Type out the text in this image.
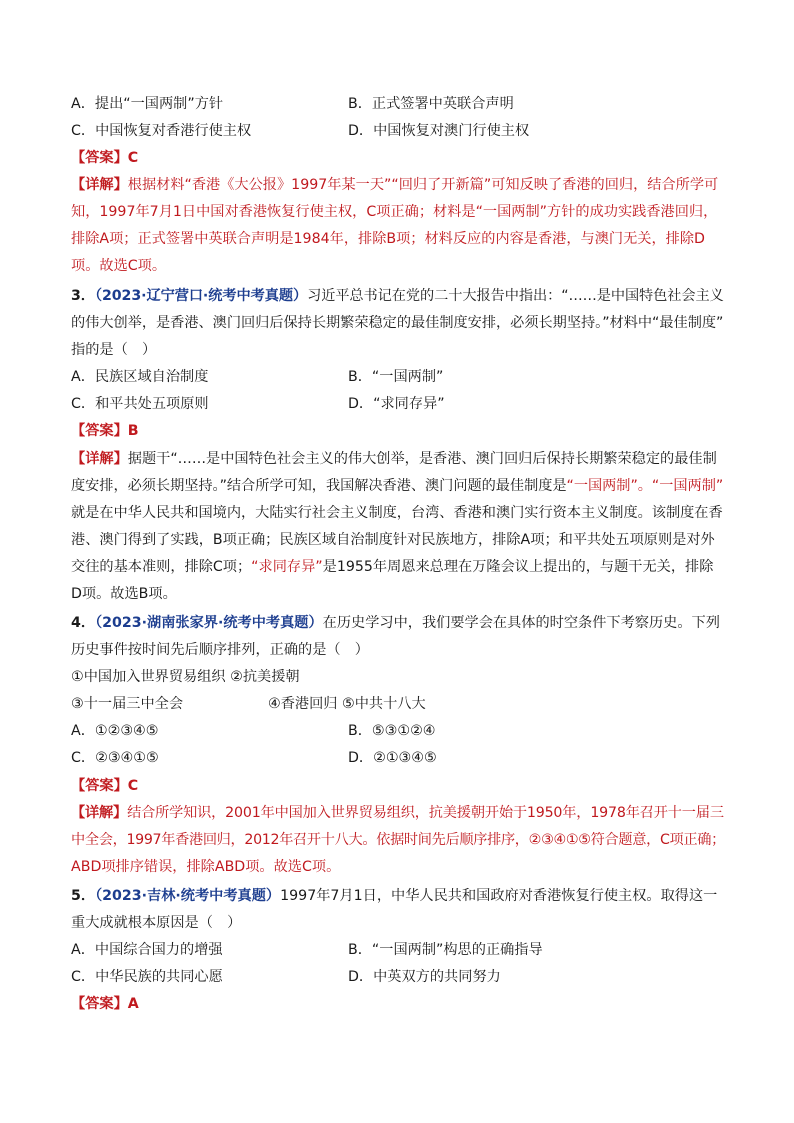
A．提出“一国两制”方针	B．正式签署中英联合声明
C．中国恢复对香港行使主权	D．中国恢复对澳门行使主权
【答案】C
【详解】根据材料“香港《大公报》1997年某一天”“回归了开新篇”可知反映了香港的回归，结合所学可
知，1997年7月1日中国对香港恢复行使主权，C项正确；材料是“一国两制”方针的成功实践香港回归，
排除A项；正式签署中英联合声明是1984年，排除B项；材料反应的内容是香港，与澳门无关，排除D
项。故选C项。
3．（2023·辽宁营口·统考中考真题）习近平总书记在党的二十大报告中指出：“……是中国特色社会主义
的伟大创举，是香港、澳门回归后保持长期繁荣稳定的最佳制度安排，必须长期坚持。”材料中“最佳制度”
指的是（　）
A．民族区域自治制度	B．“一国两制”
C．和平共处五项原则	D．“求同存异”
【答案】B
【详解】据题干“……是中国特色社会主义的伟大创举，是香港、澳门回归后保持长期繁荣稳定的最佳制
度安排，必须长期坚持。”结合所学可知，我国解决香港、澳门问题的最佳制度是“一国两制”。“一国两制”
就是在中华人民共和国境内，大陆实行社会主义制度，台湾、香港和澳门实行资本主义制度。该制度在香
港、澳门得到了实践，B项正确；民族区域自治制度针对民族地方，排除A项；和平共处五项原则是对外
交往的基本准则，排除C项；“求同存异”是1955年周恩来总理在万隆会议上提出的，与题干无关，排除
D项。故选B项。
4．（2023·湖南张家界·统考中考真题）在历史学习中，我们要学会在具体的时空条件下考察历史。下列
历史事件按时间先后顺序排列，正确的是（　）
①中国加入世界贸易组织 ②抗美援朝
③十一届三中全会	④香港回归 ⑤中共十八大
A．①②③④⑤	B．⑤③①②④
C．②③④①⑤	D．②①③④⑤
【答案】C
【详解】结合所学知识，2001年中国加入世界贸易组织，抗美援朝开始于1950年，1978年召开十一届三
中全会，1997年香港回归，2012年召开十八大。依据时间先后顺序排序，②③④①⑤符合题意，C项正确；
ABD项排序错误，排除ABD项。故选C项。
5．（2023·吉林·统考中考真题）1997年7月1日，中华人民共和国政府对香港恢复行使主权。取得这一
重大成就根本原因是（　）
A．中国综合国力的增强	B．“一国两制”构思的正确指导
C．中华民族的共同心愿	D．中英双方的共同努力
【答案】A
